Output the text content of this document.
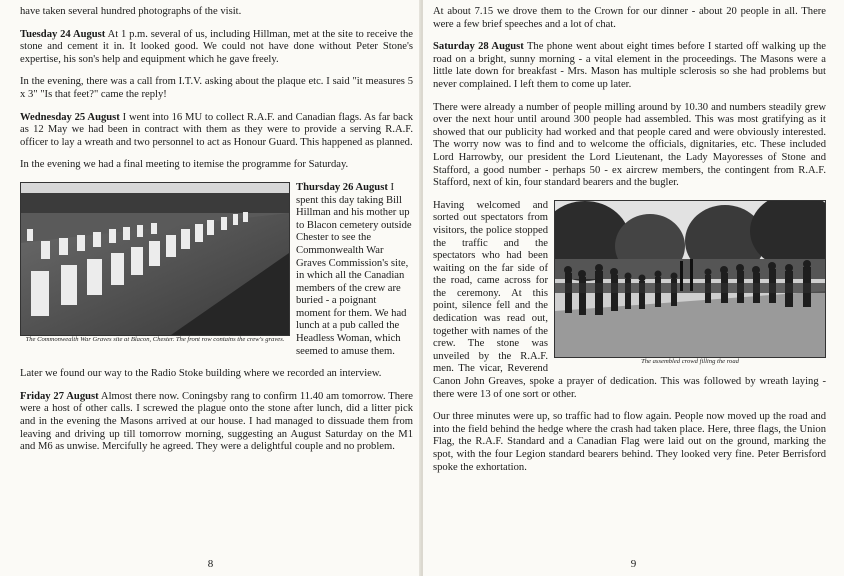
have taken several hundred photographs of the visit.

Tuesday 24 August At 1 p.m. several of us, including Hillman, met at the site to receive the stone and cement it in. It looked good. We could not have done without Peter Stone's expertise, his son's help and equipment which he gave freely.

In the evening, there was a call from I.T.V. asking about the plaque etc. I said "it measures 5 x 3" "Is that feet?" came the reply!

Wednesday 25 August I went into 16 MU to collect R.A.F. and Canadian flags. As far back as 12 May we had been in contract with them as they were to provide a serving R.A.F. officer to lay a wreath and two personnel to act as Honour Guard. This happened as planned.

In the evening we had a final meeting to itemise the programme for Saturday.

The Commonwealth War Graves site at Blacon, Chester. The front row contains the crew's graves.

Thursday 26 August I spent this day taking Bill Hillman and his mother up to Blacon cemetery outside Chester to see the Commonwealth War Graves Commission's site, in which all the Canadian members of the crew are buried - a poignant moment for them. We had lunch at a pub called the Headless Woman, which seemed to amuse them.

Later we found our way to the Radio Stoke building where we recorded an interview.

Friday 27 August Almost there now. Coningsby rang to confirm 11.40 am tomorrow. There were a host of other calls. I screwed the plague onto the stone after lunch, did a litter pick and in the evening the Masons arrived at our house. I had managed to dissuade them from leaving and driving up till tomorrow morning, suggesting an August Saturday on the M1 and M6 as unwise. Mercifully he agreed. They were a delightful couple and no problem.

8

At about 7.15 we drove them to the Crown for our dinner - about 20 people in all. There were a few brief speeches and a lot of chat.

Saturday 28 August The phone went about eight times before I started off walking up the road on a bright, sunny morning - a vital element in the proceedings. The Masons were a little late down for breakfast - Mrs. Mason has multiple sclerosis so she had problems but never complained. I left them to come up later.

There were already a number of people milling around by 10.30 and numbers steadily grew over the next hour until around 300 people had assembled. This was most gratifying as it showed that our publicity had worked and that people cared and were obviously interested. The worry now was to find and to welcome the officials, dignitaries, etc. These included Lord Harrowby, our president the Lord Lieutenant, the Lady Mayoresses of Stone and Stafford, a good number - perhaps 50 - ex aircrew members, the contingent from R.A.F. Stafford, next of kin, four standard bearers and the bugler.

The assembled crowd filling the road

Having welcomed and sorted out spectators from visitors, the police stopped the traffic and the spectators who had been waiting on the far side of the road, came across for the ceremony. At this point, silence fell and the dedication was read out, together with names of the crew. The stone was unveiled by the R.A.F. men. The vicar, Reverend Canon John Greaves, spoke a prayer of dedication. This was followed by wreath laying - there were 13 of one sort or other.

Our three minutes were up, so traffic had to flow again. People now moved up the road and into the field behind the hedge where the crash had taken place. Here, three flags, the Union Flag, the R.A.F. Standard and a Canadian Flag were laid out on the ground, marking the spot, with the four Legion standard bearers behind. They looked very fine. Peter Berrisford spoke the exhortation.

9
